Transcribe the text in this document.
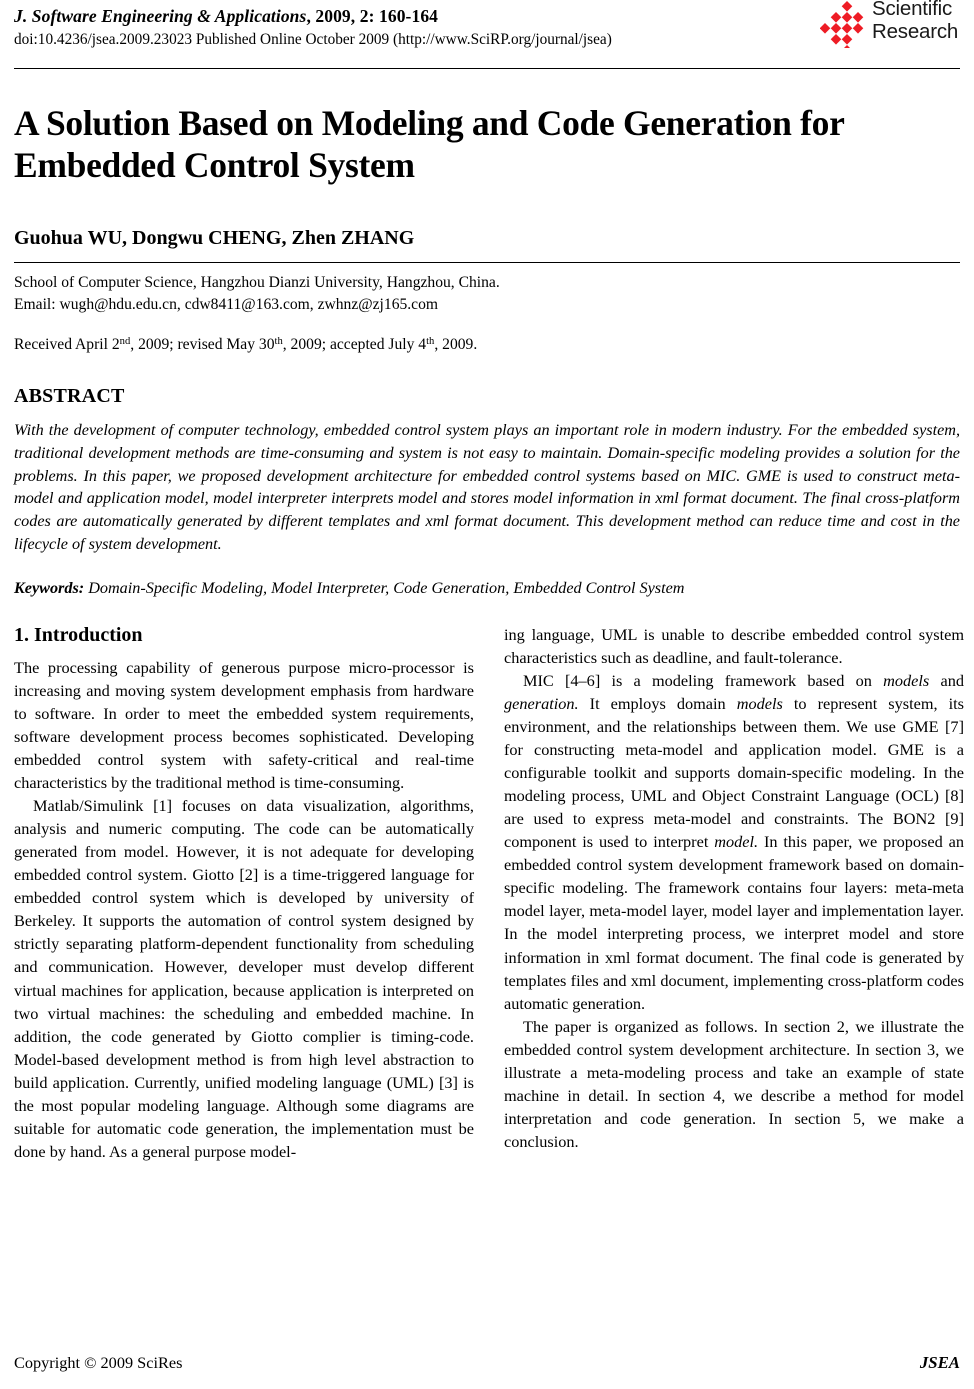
J. Software Engineering & Applications, 2009, 2: 160-164
doi:10.4236/jsea.2009.23023 Published Online October 2009 (http://www.SciRP.org/journal/jsea)
Scientific
Research
A Solution Based on Modeling and Code Generation for Embedded Control System
Guohua WU, Dongwu CHENG, Zhen ZHANG
School of Computer Science, Hangzhou Dianzi University, Hangzhou, China.
Email: wugh@hdu.edu.cn, cdw8411@163.com, zwhnz@zj165.com
Received April 2nd, 2009; revised May 30th, 2009; accepted July 4th, 2009.
ABSTRACT
With the development of computer technology, embedded control system plays an important role in modern industry. For the embedded system, traditional development methods are time-consuming and system is not easy to maintain. Domain-specific modeling provides a solution for the problems. In this paper, we proposed development architecture for embedded control systems based on MIC. GME is used to construct meta-model and application model, model interpreter interprets model and stores model information in xml format document. The final cross-platform codes are automatically generated by different templates and xml format document. This development method can reduce time and cost in the lifecycle of system development.
Keywords: Domain-Specific Modeling, Model Interpreter, Code Generation, Embedded Control System
1. Introduction

The processing capability of generous purpose micro-processor is increasing and moving system development emphasis from hardware to software. In order to meet the embedded system requirements, software development process becomes sophisticated. Developing embedded control system with safety-critical and real-time characteristics by the traditional method is time-consuming.

Matlab/Simulink [1] focuses on data visualization, algorithms, analysis and numeric computing. The code can be automatically generated from model. However, it is not adequate for developing embedded control system. Giotto [2] is a time-triggered language for embedded control system which is developed by university of Berkeley. It supports the automation of control system designed by strictly separating platform-dependent functionality from scheduling and communication. However, developer must develop different virtual machines for application, because application is interpreted on two virtual machines: the scheduling and embedded machine. In addition, the code generated by Giotto complier is timing-code. Model-based development method is from high level abstraction to build application. Currently, unified modeling language (UML) [3] is the most popular modeling language. Although some diagrams are suitable for automatic code generation, the implementation must be done by hand. As a general purpose model-

ing language, UML is unable to describe embedded control system characteristics such as deadline, and fault-tolerance.

MIC [4–6] is a modeling framework based on models and generation. It employs domain models to represent system, its environment, and the relationships between them. We use GME [7] for constructing meta-model and application model. GME is a configurable toolkit and supports domain-specific modeling. In the modeling process, UML and Object Constraint Language (OCL) [8] are used to express meta-model and constraints. The BON2 [9] component is used to interpret model. In this paper, we proposed an embedded control system development framework based on domain-specific modeling. The framework contains four layers: meta-meta model layer, meta-model layer, model layer and implementation layer. In the model interpreting process, we interpret model and store information in xml format document. The final code is generated by templates files and xml document, implementing cross-platform codes automatic generation.

The paper is organized as follows. In section 2, we illustrate the embedded control system development architecture. In section 3, we illustrate a meta-modeling process and take an example of state machine in detail. In section 4, we describe a method for model interpretation and code generation. In section 5, we make a conclusion.

Copyright © 2009 SciRes	JSEA
